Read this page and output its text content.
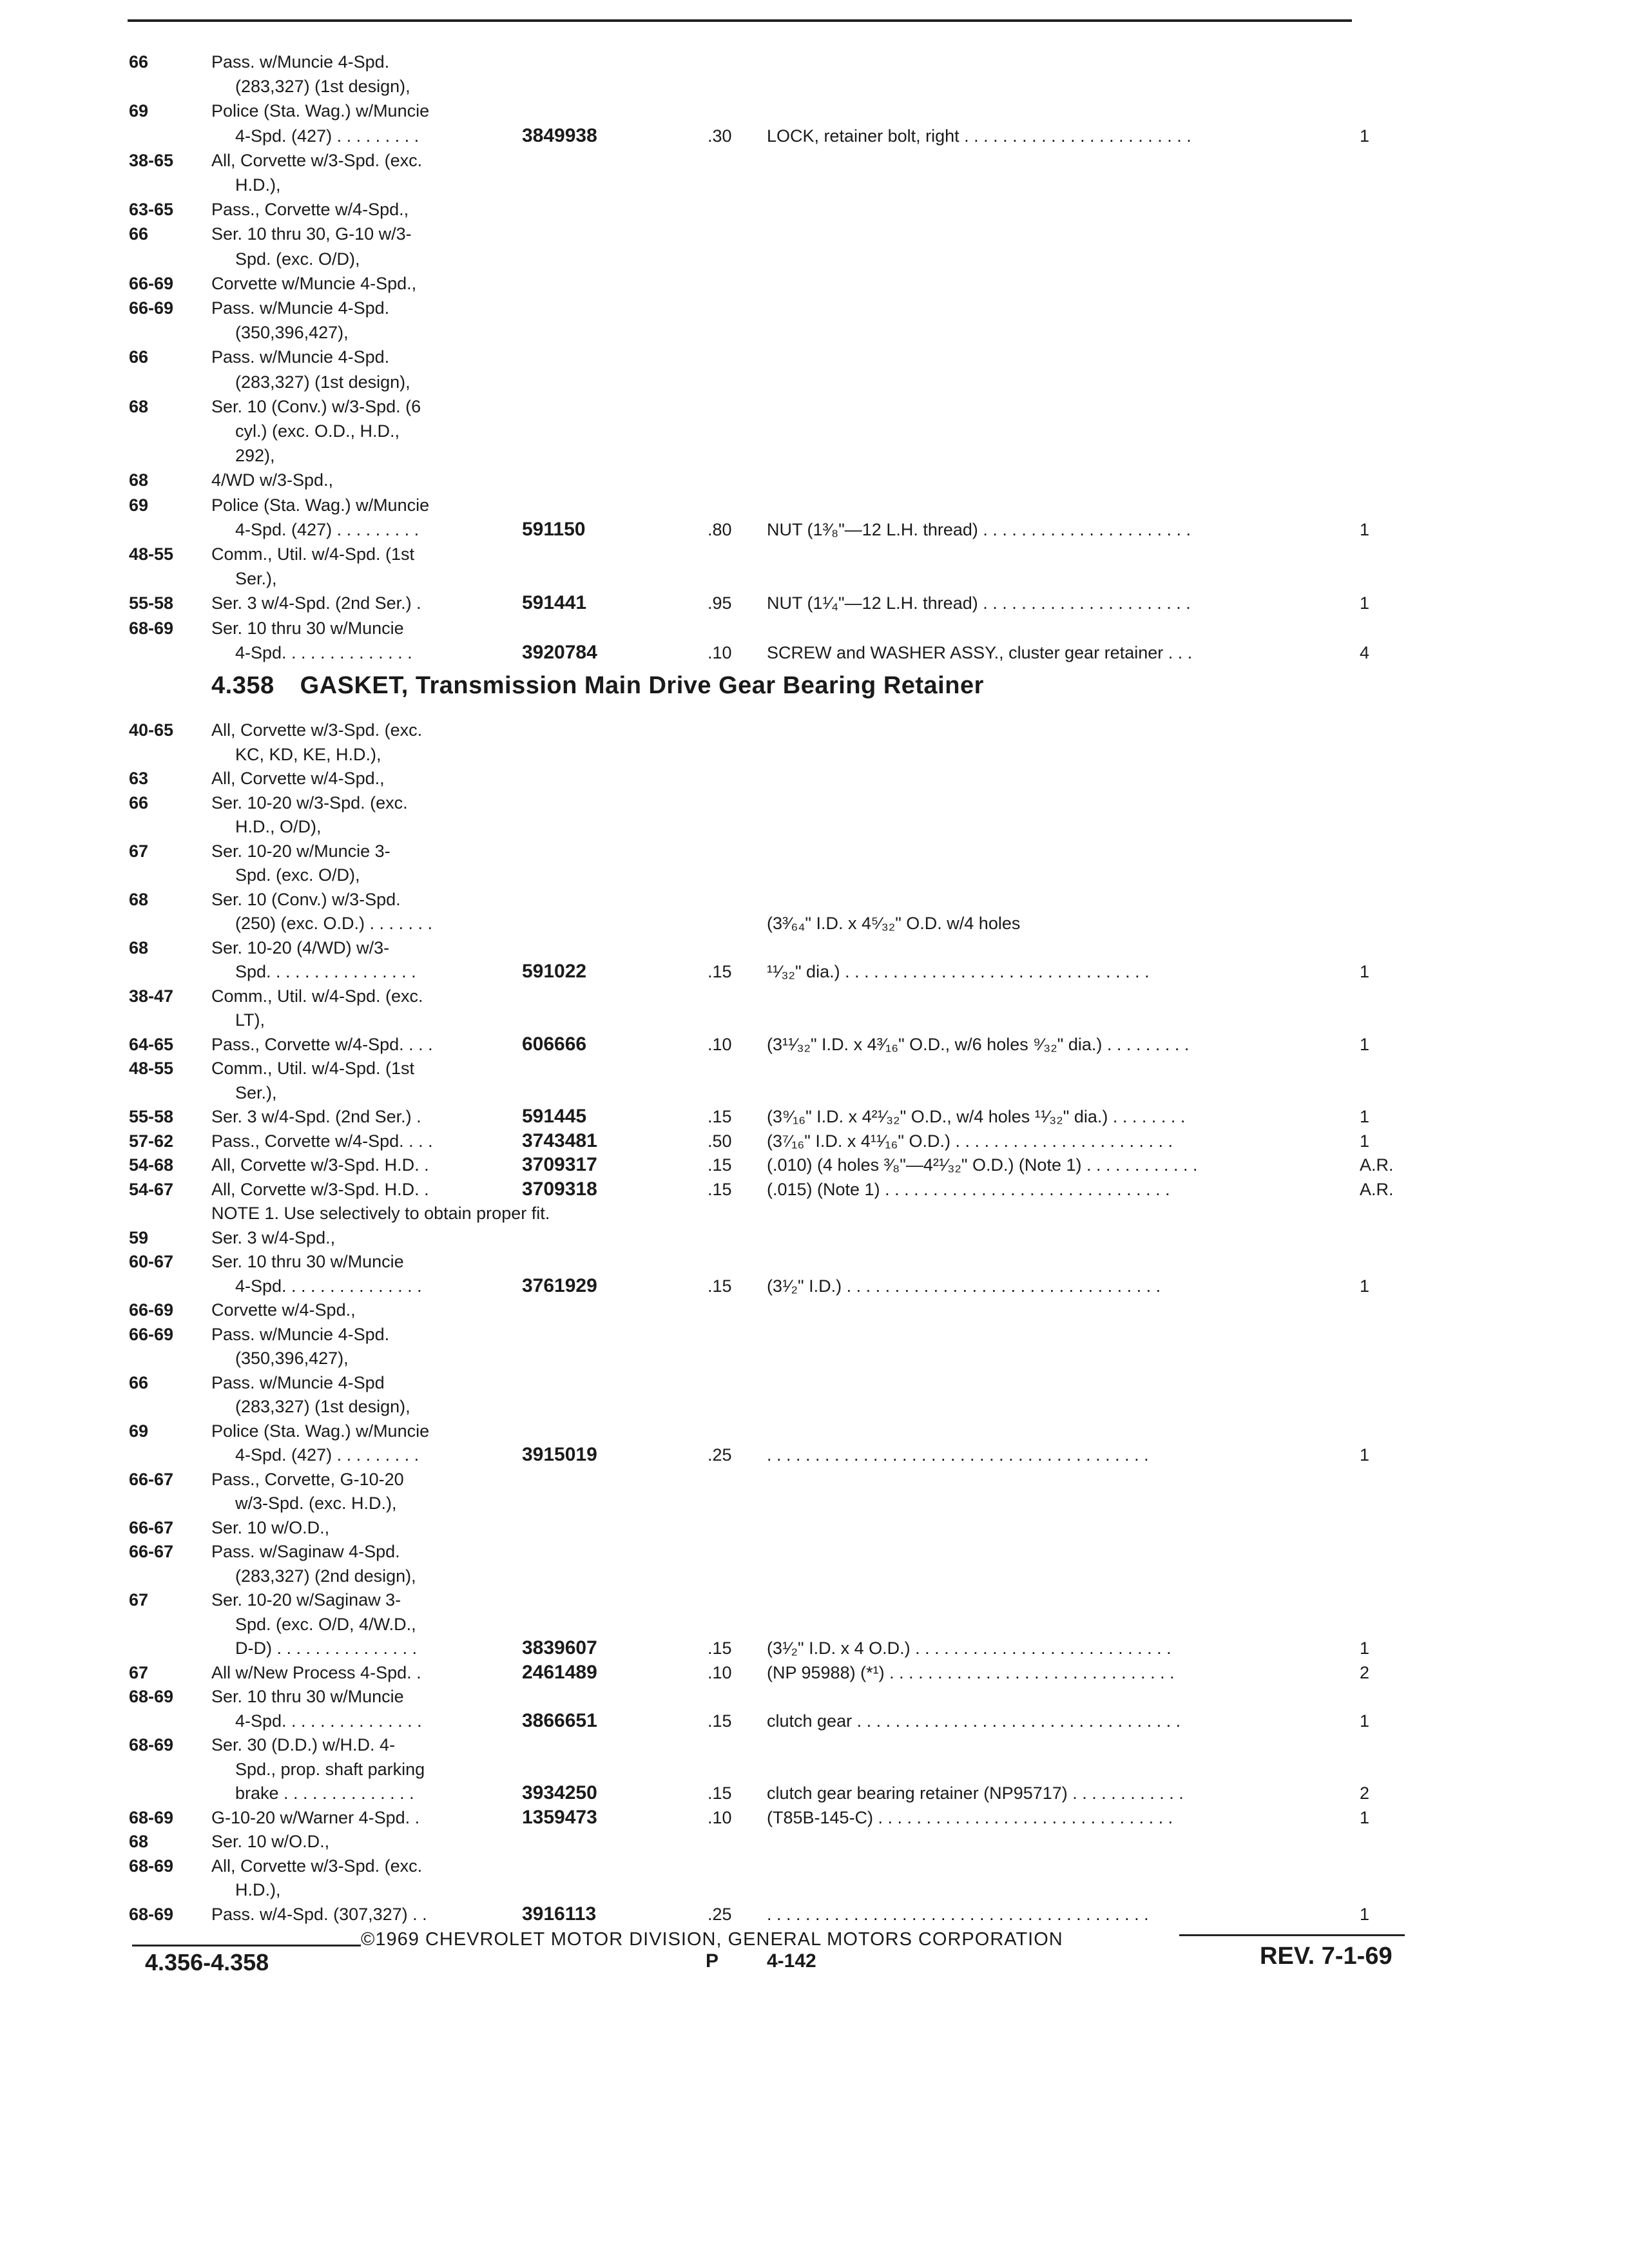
66	Pass. w/Muncie 4-Spd.
(283,327) (1st design),
69	Police (Sta. Wag.) w/Muncie
4-Spd. (427) . . . . . . . . .	3849938	.30 LOCK, retainer bolt, right . . . . . . . . . . . . . . . . . . . . . . . .	1
38-65 All, Corvette w/3-Spd. (exc.
H.D.),
63-65 Pass., Corvette w/4-Spd.,
66	Ser. 10 thru 30, G-10 w/3-
Spd. (exc. O/D),
66-69 Corvette w/Muncie 4-Spd.,
66-69 Pass. w/Muncie 4-Spd.
(350,396,427),
66	Pass. w/Muncie 4-Spd.
(283,327) (1st design),
68	Ser. 10 (Conv.) w/3-Spd. (6
cyl.) (exc. O.D., H.D.,
292),
68	4/WD w/3-Spd.,
69	Police (Sta. Wag.) w/Muncie
4-Spd. (427) . . . . . . . . .	591150	.80 NUT (1³⁄₈"—12 L.H. thread) . . . . . . . . . . . . . . . . . . . . . .	1
48-55 Comm., Util. w/4-Spd. (1st
Ser.),
55-58 Ser. 3 w/4-Spd. (2nd Ser.) .	591441	.95 NUT (1¹⁄₄"—12 L.H. thread) . . . . . . . . . . . . . . . . . . . . . .	1
68-69 Ser. 10 thru 30 w/Muncie
4-Spd. . . . . . . . . . . . . .	3920784	.10 SCREW and WASHER ASSY., cluster gear retainer . . .	4
4.358 GASKET, Transmission Main Drive Gear Bearing Retainer
40-65 All, Corvette w/3-Spd. (exc.
KC, KD, KE, H.D.),
63	All, Corvette w/4-Spd.,
66	Ser. 10-20 w/3-Spd. (exc.
H.D., O/D),
67	Ser. 10-20 w/Muncie 3-
Spd. (exc. O/D),
68	Ser. 10 (Conv.) w/3-Spd.
(250) (exc. O.D.) . . . . . . .	(3³⁄₆₄" I.D. x 4⁵⁄₃₂" O.D. w/4 holes
68	Ser. 10-20 (4/WD) w/3-
Spd. . . . . . . . . . . . . . . .	591022	.15 ¹¹⁄₃₂" dia.) . . . . . . . . . . . . . . . . . . . . . . . . . . . . . . . .	1
38-47 Comm., Util. w/4-Spd. (exc.
LT),
64-65 Pass., Corvette w/4-Spd. . . .	606666	.10 (3¹¹⁄₃₂" I.D. x 4³⁄₁₆" O.D., w/6 holes ⁹⁄₃₂" dia.) . . . . . . . . .	1
48-55 Comm., Util. w/4-Spd. (1st
Ser.),
55-58 Ser. 3 w/4-Spd. (2nd Ser.) .	591445	.15 (3⁹⁄₁₆" I.D. x 4²¹⁄₃₂" O.D., w/4 holes ¹¹⁄₃₂" dia.) . . . . . . . .	1
57-62 Pass., Corvette w/4-Spd. . . .	3743481	.50 (3⁷⁄₁₆" I.D. x 4¹¹⁄₁₆" O.D.) . . . . . . . . . . . . . . . . . . . . . . .	1
54-68 All, Corvette w/3-Spd. H.D. .	3709317	.15 (.010) (4 holes ³⁄₈"—4²¹⁄₃₂" O.D.) (Note 1) . . . . . . . . . . . .	A.R.
54-67 All, Corvette w/3-Spd. H.D. .	3709318	.15 (.015) (Note 1) . . . . . . . . . . . . . . . . . . . . . . . . . . . . . .	A.R.
NOTE 1. Use selectively to obtain proper fit.
59	Ser. 3 w/4-Spd.,
60-67 Ser. 10 thru 30 w/Muncie
4-Spd. . . . . . . . . . . . . . .	3761929	.15 (3¹⁄₂" I.D.) . . . . . . . . . . . . . . . . . . . . . . . . . . . . . . . . .	1
66-69 Corvette w/4-Spd.,
66-69 Pass. w/Muncie 4-Spd.
(350,396,427),
66	Pass. w/Muncie 4-Spd
(283,327) (1st design),
69	Police (Sta. Wag.) w/Muncie
4-Spd. (427) . . . . . . . . .	3915019	.25 . . . . . . . . . . . . . . . . . . . . . . . . . . . . . . . . . . . . . . . .	1
66-67 Pass., Corvette, G-10-20
w/3-Spd. (exc. H.D.),
66-67 Ser. 10 w/O.D.,
66-67 Pass. w/Saginaw 4-Spd.
(283,327) (2nd design),
67	Ser. 10-20 w/Saginaw 3-
Spd. (exc. O/D, 4/W.D.,
D-D) . . . . . . . . . . . . . . .	3839607	.15 (3¹⁄₂" I.D. x 4 O.D.) . . . . . . . . . . . . . . . . . . . . . . . . . . .	1
67	All w/New Process 4-Spd. .	2461489	.10 (NP 95988) (*¹) . . . . . . . . . . . . . . . . . . . . . . . . . . . . . .	2
68-69 Ser. 10 thru 30 w/Muncie
4-Spd. . . . . . . . . . . . . . .	3866651	.15 clutch gear . . . . . . . . . . . . . . . . . . . . . . . . . . . . . . . . . .	1
68-69 Ser. 30 (D.D.) w/H.D. 4-
Spd., prop. shaft parking
brake . . . . . . . . . . . . . .	3934250	.15 clutch gear bearing retainer (NP95717) . . . . . . . . . . . .	2
68-69 G-10-20 w/Warner 4-Spd. .	1359473	.10 (T85B-145-C) . . . . . . . . . . . . . . . . . . . . . . . . . . . . . . .	1
68	Ser. 10 w/O.D.,
68-69 All, Corvette w/3-Spd. (exc.
H.D.),
68-69 Pass. w/4-Spd. (307,327) . .	3916113	.25 . . . . . . . . . . . . . . . . . . . . . . . . . . . . . . . . . . . . . . . .	1
©1969 CHEVROLET MOTOR DIVISION, GENERAL MOTORS CORPORATION
4.356-4.358	P 4-142	REV. 7-1-69
